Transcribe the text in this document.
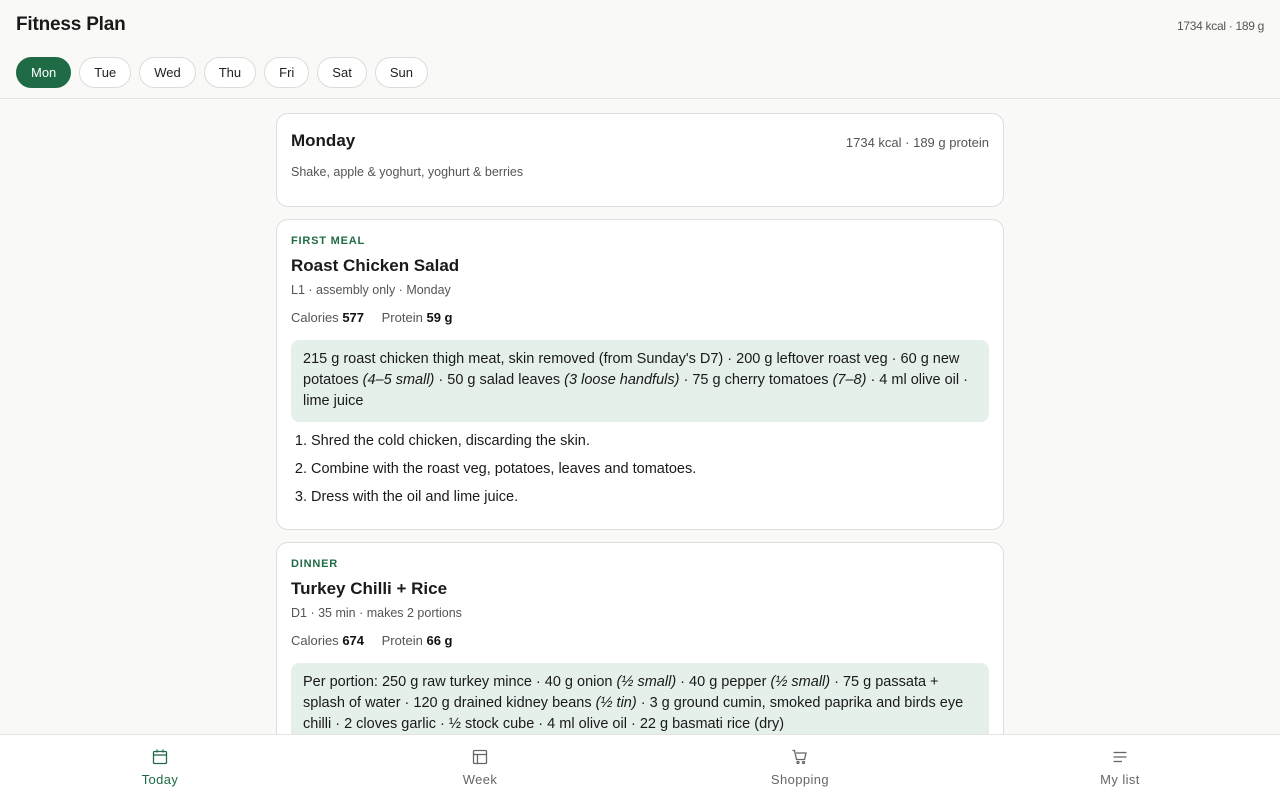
Fitness Plan	1734 kcal · 189 g
Mon	Tue	Wed	Thu	Fri	Sat	Sun
Monday	1734 kcal · 189 g protein
Shake, apple & yoghurt, yoghurt & berries
FIRST MEAL
Roast Chicken Salad
L1 · assembly only · Monday
Calories 577 Protein 59 g
215 g roast chicken thigh meat, skin removed (from Sunday's D7) · 200 g leftover roast veg · 60 g new potatoes (4–5 small) · 50 g salad leaves (3 loose handfuls) · 75 g cherry tomatoes (7–8) · 4 ml olive oil · lime juice
1. Shred the cold chicken, discarding the skin.
2. Combine with the roast veg, potatoes, leaves and tomatoes.
3. Dress with the oil and lime juice.
DINNER
Turkey Chilli + Rice
D1 · 35 min · makes 2 portions
Calories 674 Protein 66 g
Per portion: 250 g raw turkey mince · 40 g onion (½ small) · 40 g pepper (½ small) · 75 g passata + splash of water · 120 g drained kidney beans (½ tin) · 3 g ground cumin, smoked paprika and birds eye chilli · 2 cloves garlic · ½ stock cube · 4 ml olive oil · 22 g basmati rice (dry)
Today	Week	Shopping	My list
